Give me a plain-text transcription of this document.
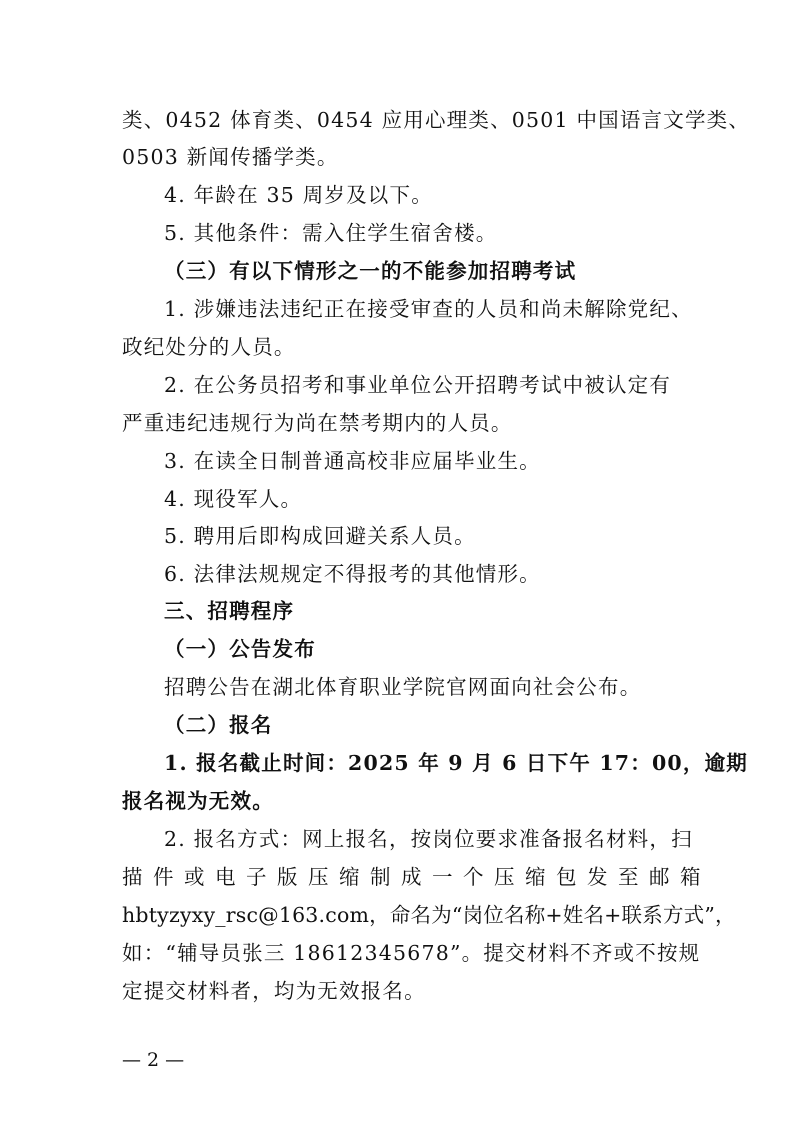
类、0452 体育类、0454 应用心理类、0501 中国语言文学类、
0503 新闻传播学类。
4. 年龄在 35 周岁及以下。
5. 其他条件：需入住学生宿舍楼。
（三）有以下情形之一的不能参加招聘考试
1. 涉嫌违法违纪正在接受审查的人员和尚未解除党纪、
政纪处分的人员。
2. 在公务员招考和事业单位公开招聘考试中被认定有
严重违纪违规行为尚在禁考期内的人员。
3. 在读全日制普通高校非应届毕业生。
4. 现役军人。
5. 聘用后即构成回避关系人员。
6. 法律法规规定不得报考的其他情形。
三、招聘程序
（一）公告发布
招聘公告在湖北体育职业学院官网面向社会公布。
（二）报名
1. 报名截止时间：2025 年 9 月 6 日下午 17：00，逾期
报名视为无效。
2. 报名方式：网上报名，按岗位要求准备报名材料，扫
描件或电子版压缩制成一个压缩包发至邮箱
hbtyzyxy_rsc@163.com，命名为“岗位名称+姓名+联系方式”，
如：“辅导员张三 18612345678”。提交材料不齐或不按规
定提交材料者，均为无效报名。
— 2 —
